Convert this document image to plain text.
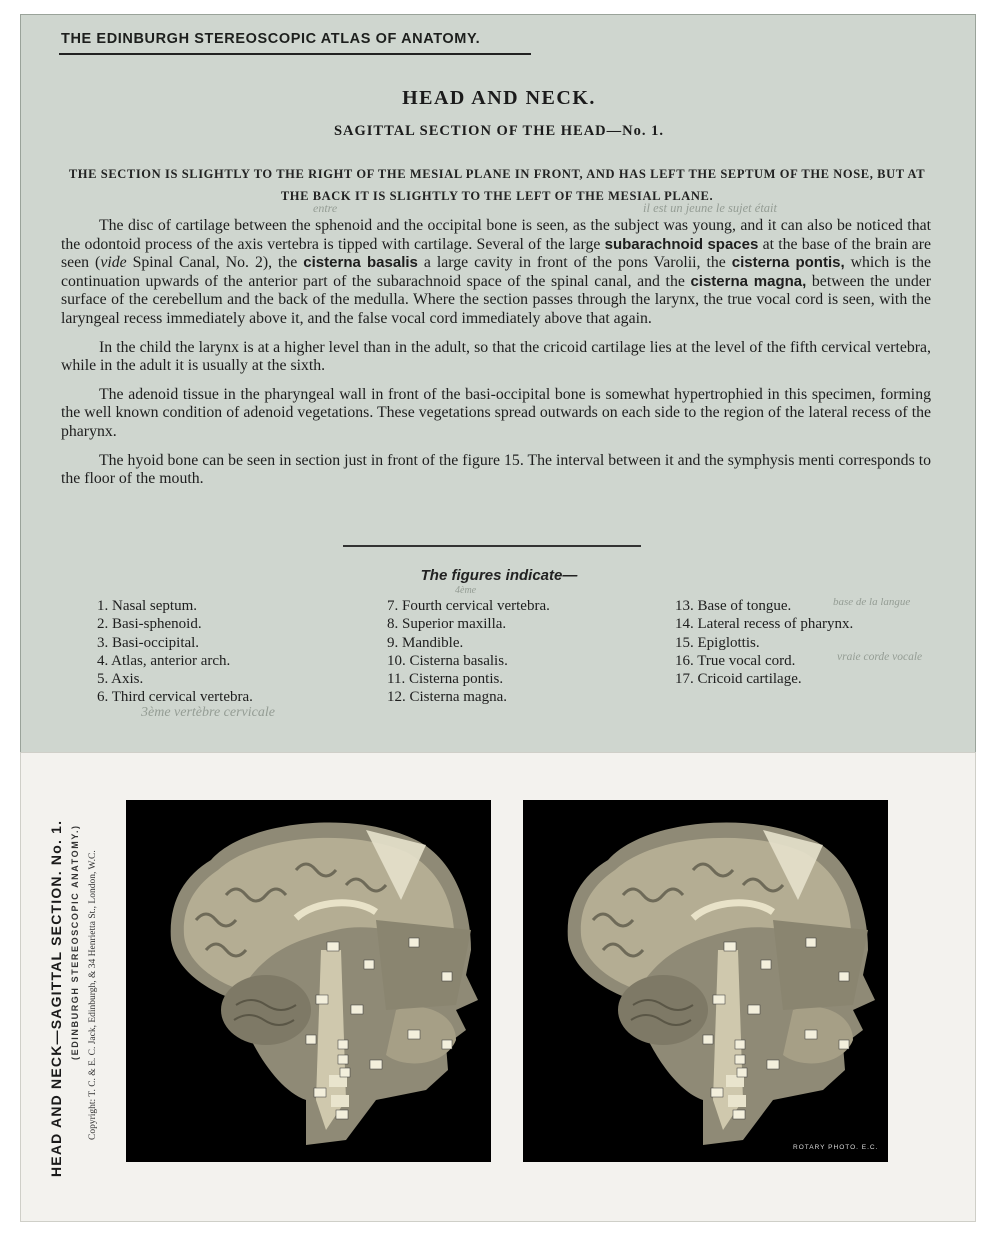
THE EDINBURGH STEREOSCOPIC ATLAS OF ANATOMY.
HEAD AND NECK.
SAGITTAL SECTION OF THE HEAD—No. 1.
THE SECTION IS SLIGHTLY TO THE RIGHT OF THE MESIAL PLANE IN FRONT, AND HAS LEFT THE SEPTUM OF THE NOSE, BUT AT THE BACK IT IS SLIGHTLY TO THE LEFT OF THE MESIAL PLANE.

The disc of cartilage between the sphenoid and the occipital bone is seen, as the subject was young, and it can also be noticed that the odontoid process of the axis vertebra is tipped with cartilage. Several of the large subarachnoid spaces at the base of the brain are seen (vide Spinal Canal, No. 2), the cisterna basalis a large cavity in front of the pons Varolii, the cisterna pontis, which is the continuation upwards of the anterior part of the subarachnoid space of the spinal canal, and the cisterna magna, between the under surface of the cerebellum and the back of the medulla. Where the section passes through the larynx, the true vocal cord is seen, with the laryngeal recess immediately above it, and the false vocal cord immediately above that again.

In the child the larynx is at a higher level than in the adult, so that the cricoid cartilage lies at the level of the fifth cervical vertebra, while in the adult it is usually at the sixth.

The adenoid tissue in the pharyngeal wall in front of the basi-occipital bone is somewhat hypertrophied in this specimen, forming the well known condition of adenoid vegetations. These vegetations spread outwards on each side to the region of the lateral recess of the pharynx.

The hyoid bone can be seen in section just in front of the figure 15. The interval between it and the symphysis menti corresponds to the floor of the mouth.

The figures indicate—
1. Nasal septum.
2. Basi-sphenoid.
3. Basi-occipital.
4. Atlas, anterior arch.
5. Axis.
6. Third cervical vertebra.
7. Fourth cervical vertebra.
8. Superior maxilla.
9. Mandible.
10. Cisterna basalis.
11. Cisterna pontis.
12. Cisterna magna.
13. Base of tongue.
14. Lateral recess of pharynx.
15. Epiglottis.
16. True vocal cord.
17. Cricoid cartilage.
entre	il est un jeune le sujet était
base de la langue
vraie corde vocale
3ème vertèbre cervicale
4ème
HEAD AND NECK—SAGITTAL SECTION. No. 1. (EDINBURGH STEREOSCOPIC ANATOMY.) Copyright: T. C. & E. C. Jack, Edinburgh, & 34 Henrietta St., London, W.C.
ROTARY PHOTO. E.C.
